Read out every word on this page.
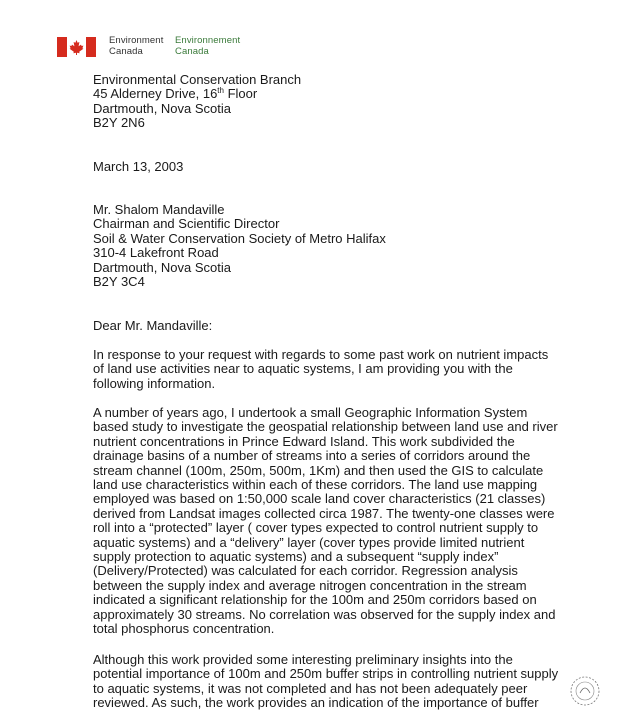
Environment
Canada
Environnement
Canada
Environmental Conservation Branch
45 Alderney Drive, 16th Floor
Dartmouth, Nova Scotia
B2Y 2N6
March 13, 2003
Mr. Shalom Mandaville
Chairman and Scientific Director
Soil & Water Conservation Society of Metro Halifax
310-4 Lakefront Road
Dartmouth, Nova Scotia
B2Y 3C4
Dear Mr. Mandaville:
In response to your request with regards to some past work on nutrient impacts
of land use activities near to aquatic systems, I am providing you with the
following information.
A number of years ago, I undertook a small Geographic Information System
based study to investigate the geospatial relationship between land use and river
nutrient concentrations in Prince Edward Island. This work subdivided the
drainage basins of a number of streams into a series of corridors around the
stream channel (100m, 250m, 500m, 1Km) and then used the GIS to calculate
land use characteristics within each of these corridors. The land use mapping
employed was based on 1:50,000 scale land cover characteristics (21 classes)
derived from Landsat images collected circa 1987. The twenty-one classes were
roll into a “protected” layer ( cover types expected to control nutrient supply to
aquatic systems) and a “delivery” layer (cover types provide limited nutrient
supply protection to aquatic systems) and a subsequent “supply index”
(Delivery/Protected) was calculated for each corridor. Regression analysis
between the supply index and average nitrogen concentration in the stream
indicated a significant relationship for the 100m and 250m corridors based on
approximately 30 streams. No correlation was observed for the supply index and
total phosphorus concentration.
Although this work provided some interesting preliminary insights into the
potential importance of 100m and 250m buffer strips in controlling nutrient supply
to aquatic systems, it was not completed and has not been adequately peer
reviewed. As such, the work provides an indication of the importance of buffer
